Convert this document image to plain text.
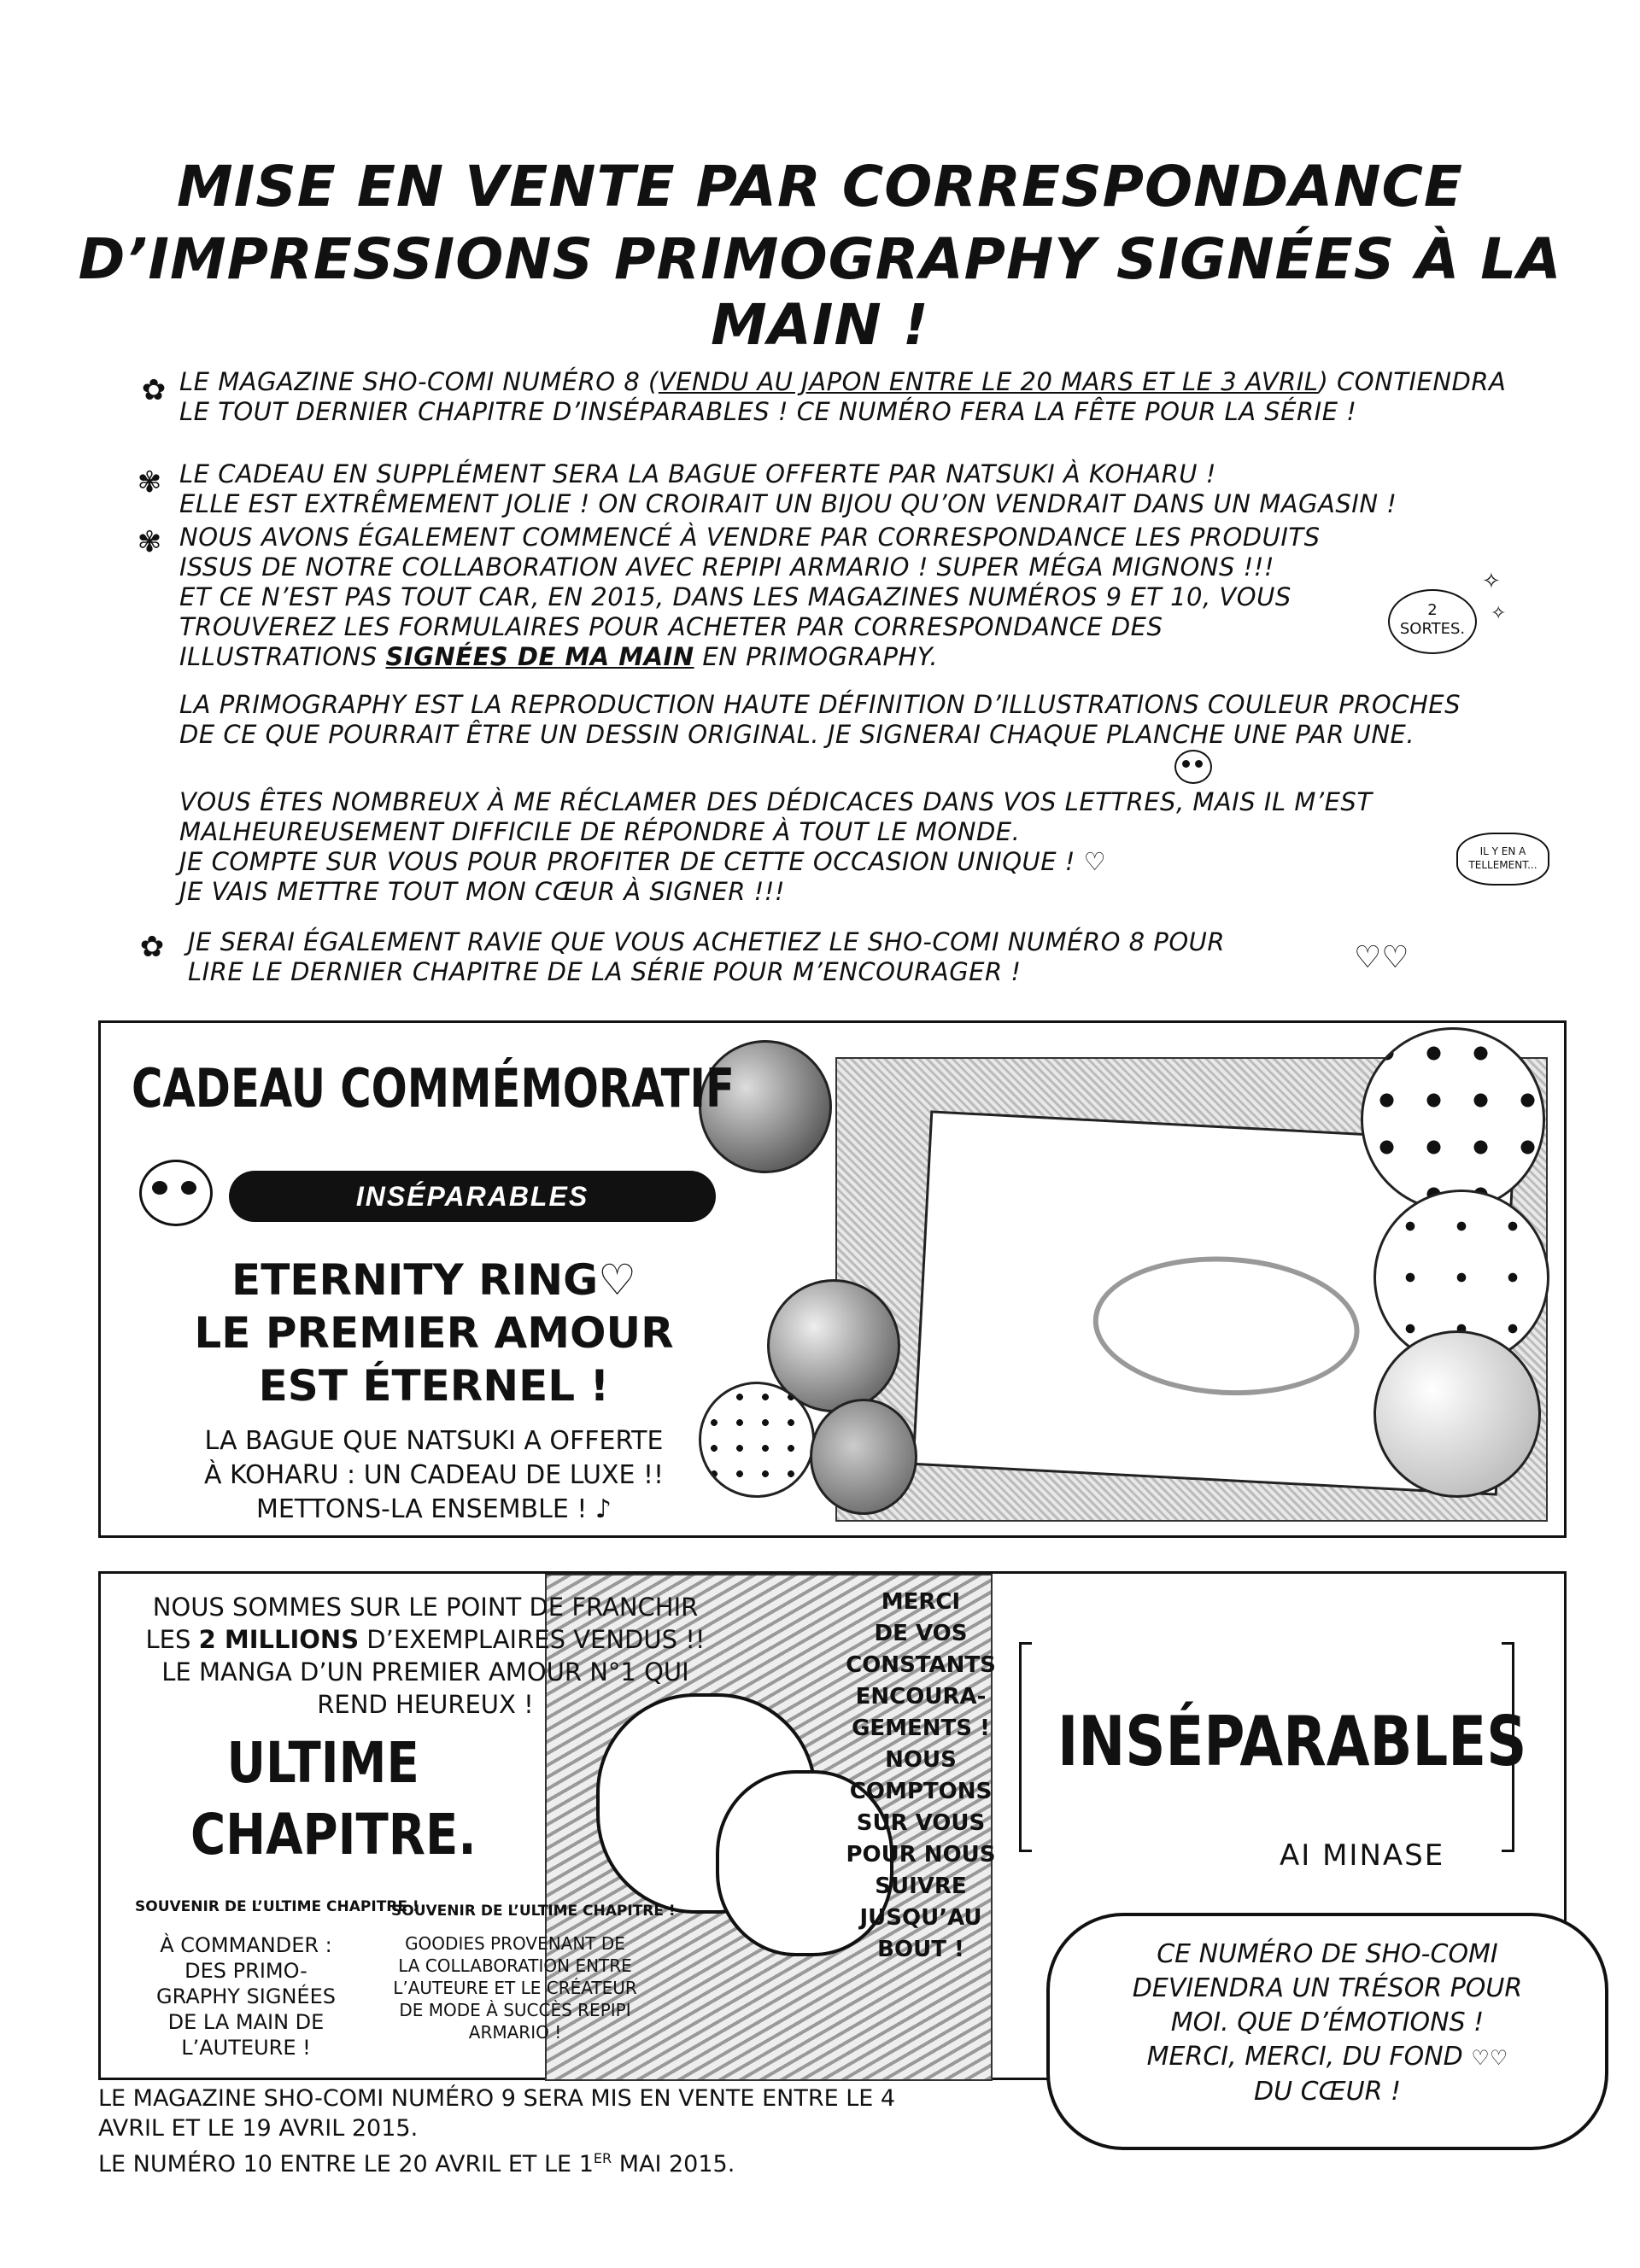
MISE EN VENTE PAR CORRESPONDANCE
D’IMPRESSIONS PRIMOGRAPHY SIGNÉES À LA MAIN !
✿ LE MAGAZINE SHO-COMI NUMÉRO 8 (VENDU AU JAPON ENTRE LE 20 MARS ET LE 3 AVRIL) CONTIENDRA
LE TOUT DERNIER CHAPITRE D’INSÉPARABLES ! CE NUMÉRO FERA LA FÊTE POUR LA SÉRIE !
✾ LE CADEAU EN SUPPLÉMENT SERA LA BAGUE OFFERTE PAR NATSUKI À KOHARU !
ELLE EST EXTRÊMEMENT JOLIE ! ON CROIRAIT UN BIJOU QU’ON VENDRAIT DANS UN MAGASIN !
✾ NOUS AVONS ÉGALEMENT COMMENCÉ À VENDRE PAR CORRESPONDANCE LES PRODUITS
ISSUS DE NOTRE COLLABORATION AVEC REPIPI ARMARIO ! SUPER MÉGA MIGNONS !!!
ET CE N’EST PAS TOUT CAR, EN 2015, DANS LES MAGAZINES NUMÉROS 9 ET 10, VOUS
TROUVEREZ LES FORMULAIRES POUR ACHETER PAR CORRESPONDANCE DES
ILLUSTRATIONS SIGNÉES DE MA MAIN EN PRIMOGRAPHY.
2
SORTES.
✧
✧
LA PRIMOGRAPHY EST LA REPRODUCTION HAUTE DÉFINITION D’ILLUSTRATIONS COULEUR PROCHES
DE CE QUE POURRAIT ÊTRE UN DESSIN ORIGINAL. JE SIGNERAI CHAQUE PLANCHE UNE PAR UNE.
VOUS ÊTES NOMBREUX À ME RÉCLAMER DES DÉDICACES DANS VOS LETTRES, MAIS IL M’EST
MALHEUREUSEMENT DIFFICILE DE RÉPONDRE À TOUT LE MONDE.
JE COMPTE SUR VOUS POUR PROFITER DE CETTE OCCASION UNIQUE ! ♡
JE VAIS METTRE TOUT MON CŒUR À SIGNER !!!
IL Y EN A
TELLEMENT...
✿ JE SERAI ÉGALEMENT RAVIE QUE VOUS ACHETIEZ LE SHO-COMI NUMÉRO 8 POUR
LIRE LE DERNIER CHAPITRE DE LA SÉRIE POUR M’ENCOURAGER !	♡♡
CADEAU COMMÉMORATIF
INSÉPARABLES
ETERNITY RING♡
LE PREMIER AMOUR
EST ÉTERNEL !
LA BAGUE QUE NATSUKI A OFFERTE
À KOHARU : UN CADEAU DE LUXE !!
METTONS-LA ENSEMBLE ! ♪
NOUS SOMMES SUR LE POINT DE FRANCHIR
LES 2 MILLIONS D’EXEMPLAIRES VENDUS !!
LE MANGA D’UN PREMIER AMOUR N°1 QUI
REND HEUREUX !
ULTIME
CHAPITRE.
SOUVENIR DE L’ULTIME CHAPITRE !
SOUVENIR DE L’ULTIME CHAPITRE !
À COMMANDER :
DES PRIMO-
GRAPHY SIGNÉES
DE LA MAIN DE
L’AUTEURE !
GOODIES PROVENANT DE
LA COLLABORATION ENTRE
L’AUTEURE ET LE CRÉATEUR
DE MODE À SUCCÈS REPIPI
ARMARIO !
MERCI
DE VOS
CONSTANTS
ENCOURA-
GEMENTS !
NOUS
COMPTONS
SUR VOUS
POUR NOUS
SUIVRE
JUSQU’AU
BOUT !
INSÉPARABLES
AI MINASE
CE NUMÉRO DE SHO-COMI
DEVIENDRA UN TRÉSOR POUR
MOI. QUE D’ÉMOTIONS !
MERCI, MERCI, DU FOND ♡♡
DU CŒUR !
LE MAGAZINE SHO-COMI NUMÉRO 9 SERA MIS EN VENTE ENTRE LE 4
AVRIL ET LE 19 AVRIL 2015.
LE NUMÉRO 10 ENTRE LE 20 AVRIL ET LE 1ER MAI 2015.
